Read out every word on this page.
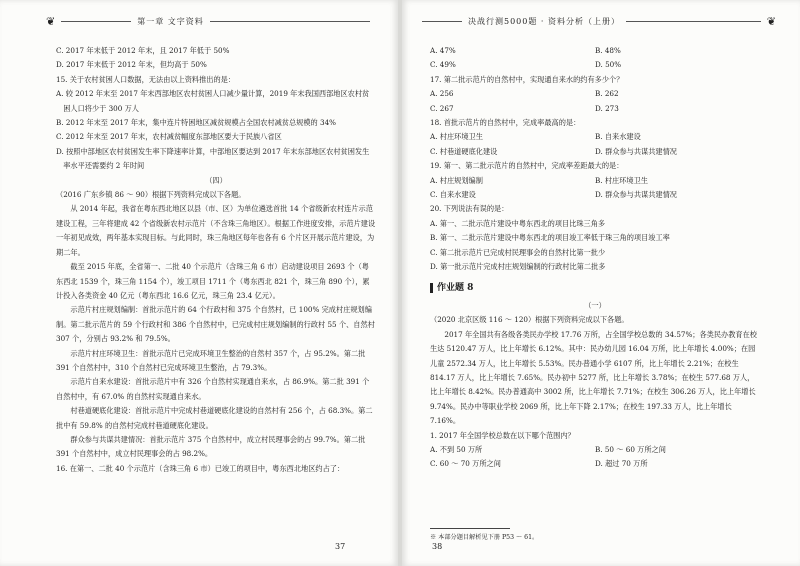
❦	第一章 文字资料

C. 2017 年末低于 2012 年末，且 2017 年低于 50%

D. 2017 年末低于 2012 年末，但均高于 50%

15. 关于农村贫困人口数据，无法由以上资料推出的是：

A. 较 2012 年末至 2017 年末西部地区农村贫困人口减少量计算，2019 年末我国西部地区农村贫困人口将少于 300 万人

B. 2012 年末至 2017 年末，集中连片特困地区减贫规模占全国农村减贫总规模的 34%

C. 2012 年末至 2017 年末，农村减贫幅度东部地区要大于民族八省区

D. 按照中部地区农村贫困发生率下降速率计算，中部地区要达到 2017 年末东部地区农村贫困发生率水平还需要约 2 年时间

（四）

（2016 广东乡镇 86 ～ 90）根据下列资料完成以下各题。

从 2014 年起，我省在粤东西北地区以县（市、区）为单位遴选首批 14 个省级新农村连片示范建设工程，三年将建成 42 个省级新农村示范片（不含珠三角地区）。根据工作进度安排，示范片建设一年初见成效，两年基本实现目标。与此同时，珠三角地区每年也各有 6 个片区开展示范片建设，为期二年。

截至 2015 年底，全省第一、二批 40 个示范片（含珠三角 6 市）启动建设项目 2693 个（粤东西北 1539 个，珠三角 1154 个），竣工项目 1711 个（粤东西北 821 个，珠三角 890 个），累计投入各类资金 40 亿元（粤东西北 16.6 亿元，珠三角 23.4 亿元）。

示范片村庄规划编制：首批示范片的 64 个行政村和 375 个自然村，已 100% 完成村庄规划编制。第二批示范片的 59 个行政村和 386 个自然村中，已完成村庄规划编制的行政村 55 个、自然村 307 个，分别占 93.2% 和 79.5%。

示范片村庄环境卫生：首批示范片已完成环境卫生整治的自然村 357 个，占 95.2%。第二批 391 个自然村中，310 个自然村已完成环境卫生整治，占 79.3%。

示范片自来水建设：首批示范片中有 326 个自然村实现通自来水，占 86.9%。第二批 391 个自然村中，有 67.0% 的自然村实现通自来水。

村巷道硬底化建设：首批示范片中完成村巷道硬底化建设的自然村有 256 个，占 68.3%。第二批中有 59.8% 的自然村完成村巷道硬底化建设。

群众参与共谋共建情况：首批示范片 375 个自然村中，成立村民理事会的占 99.7%。第二批 391 个自然村中，成立村民理事会的占 98.2%。

16. 在第一、二批 40 个示范片（含珠三角 6 市）已竣工的项目中，粤东西北地区约占了：

37
决战行测5000题 · 资料分析（上册）	❦
A. 47%	B. 48%
C. 49%	D. 50%

17. 第二批示范片的自然村中，实现通自来水的约有多少个？

A. 256	B. 262
C. 267	D. 273

18. 首批示范片的自然村中，完成率最高的是：

A. 村庄环境卫生	B. 自来水建设
C. 村巷道硬底化建设	D. 群众参与共谋共建情况

19. 第一、第二批示范片的自然村中，完成率差距最大的是：

A. 村庄规划编制	B. 村庄环境卫生
C. 自来水建设	D. 群众参与共谋共建情况

20. 下列说法有误的是：

A. 第一、二批示范片建设中粤东西北的项目比珠三角多

B. 第一、二批示范片建设中粤东西北的项目竣工率低于珠三角的项目竣工率

C. 第二批示范片已完成村民理事会的自然村比第一批少

D. 第一批示范片完成村庄规划编制的行政村比第二批多

作业题 8

（一）

（2020 北京区级 116 ～ 120）根据下列资料完成以下各题。

2017 年全国共有各级各类民办学校 17.76 万所，占全国学校总数的 34.57%；各类民办教育在校生达 5120.47 万人，比上年增长 6.12%。其中：民办幼儿园 16.04 万所，比上年增长 4.00%；在园儿童 2572.34 万人，比上年增长 5.53%。民办普通小学 6107 所，比上年增长 2.21%；在校生 814.17 万人，比上年增长 7.65%。民办初中 5277 所，比上年增长 3.78%；在校生 577.68 万人，比上年增长 8.42%。民办普通高中 3002 所，比上年增长 7.71%；在校生 306.26 万人，比上年增长 9.74%。民办中等职业学校 2069 所，比上年下降 2.17%；在校生 197.33 万人，比上年增长 7.16%。

1. 2017 年全国学校总数在以下哪个范围内？

A. 不到 50 万所	B. 50 ～ 60 万所之间
C. 60 ～ 70 万所之间	D. 超过 70 万所
※ 本部分题目解析见下册 P53 ～ 61。
38
